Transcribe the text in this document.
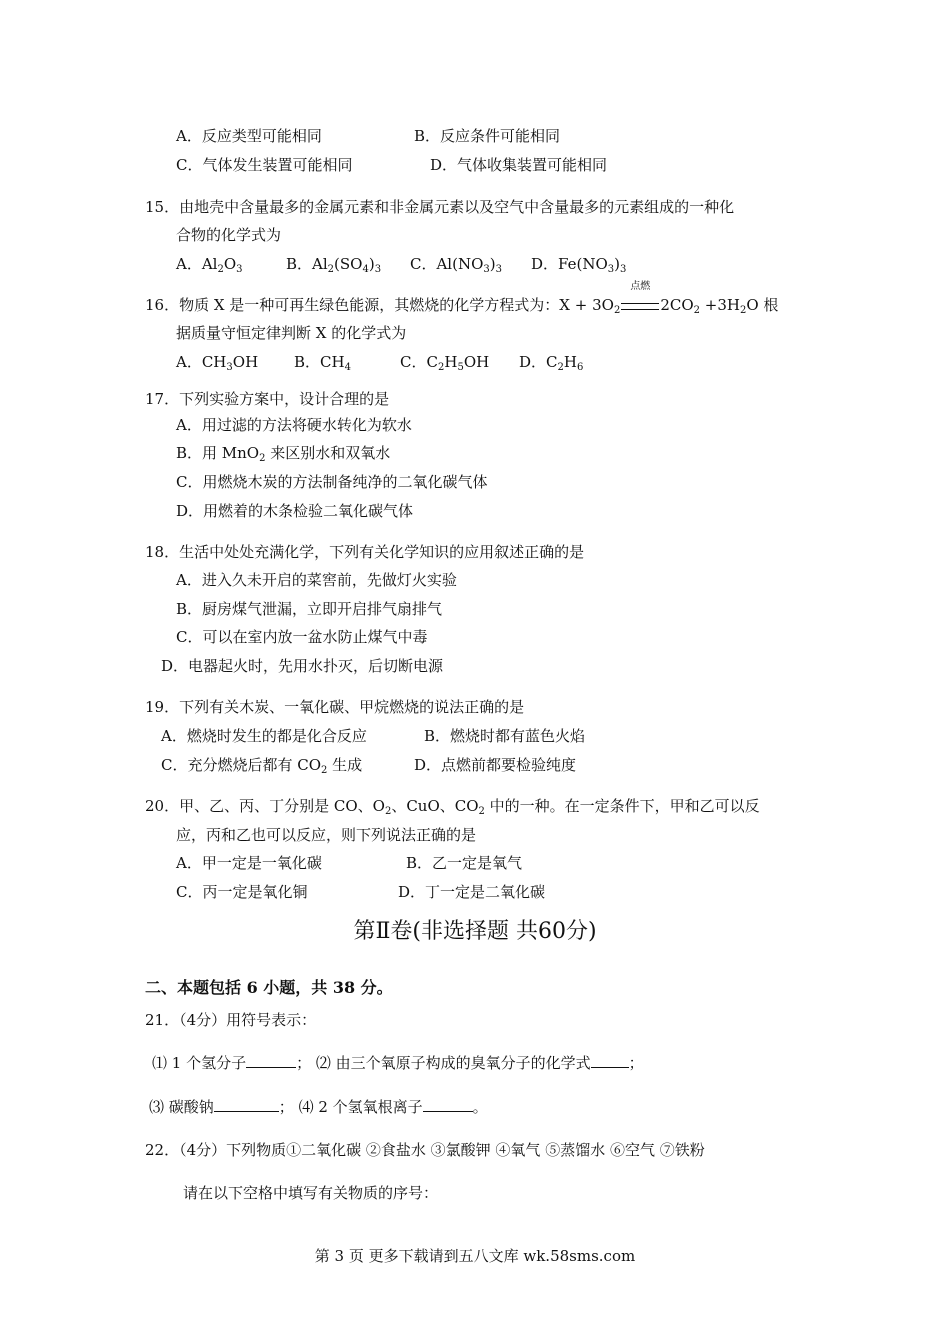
A．反应类型可能相同	B．反应条件可能相同
C．气体发生装置可能相同	D．气体收集装置可能相同
15．由地壳中含量最多的金属元素和非金属元素以及空气中含量最多的元素组成的一种化
合物的化学式为
A．$Al_2O_3$	B．$Al_2(SO_4)_3$ C．$Al(NO_3)_3$ D．$Fe(NO_3)_3$
16．物质 X 是一种可再生绿色能源，其燃烧的化学方程式为：$X + 3O_2$
点燃
$2CO_2 +3H_2O$ 根
据质量守恒定律判断 X 的化学式为
A．$CH_3OH$ B．$CH_4$	C．$C_2H_5OH$ D．$C_2H_6$
17．下列实验方案中，设计合理的是
A．用过滤的方法将硬水转化为软水
B．用 MnO$_2$ 来区别水和双氧水
C．用燃烧木炭的方法制备纯净的二氧化碳气体
D．用燃着的木条检验二氧化碳气体
18．生活中处处充满化学，下列有关化学知识的应用叙述正确的是
A．进入久未开启的菜窖前，先做灯火实验
B．厨房煤气泄漏，立即开启排气扇排气
C．可以在室内放一盆水防止煤气中毒
D．电器起火时，先用水扑灭，后切断电源
19．下列有关木炭、一氧化碳、甲烷燃烧的说法正确的是
A．燃烧时发生的都是化合反应	B．燃烧时都有蓝色火焰
C．充分燃烧后都有 $CO_2$ 生成	D．点燃前都要检验纯度
20．甲、乙、丙、丁分别是 CO、$O_2$、CuO、$CO_2$ 中的一种。在一定条件下，甲和乙可以反
应，丙和乙也可以反应，则下列说法正确的是
A．甲一定是一氧化碳	B．乙一定是氧气
C．丙一定是氧化铜	D．丁一定是二氧化碳
第Ⅱ卷(非选择题 共60分)
二、本题包括 6 小题，共 38 分。
21．（4分）用符号表示：
⑴ 1 个氢分子	； ⑵ 由三个氧原子构成的臭氧分子的化学式	；
⑶ 碳酸钠	； ⑷ 2 个氢氧根离子	。
22．（4分）下列物质①二氧化碳 ②食盐水 ③氯酸钾 ④氧气 ⑤蒸馏水 ⑥空气 ⑦铁粉
请在以下空格中填写有关物质的序号：
第 3 页 更多下载请到五八文库 wk.58sms.com
